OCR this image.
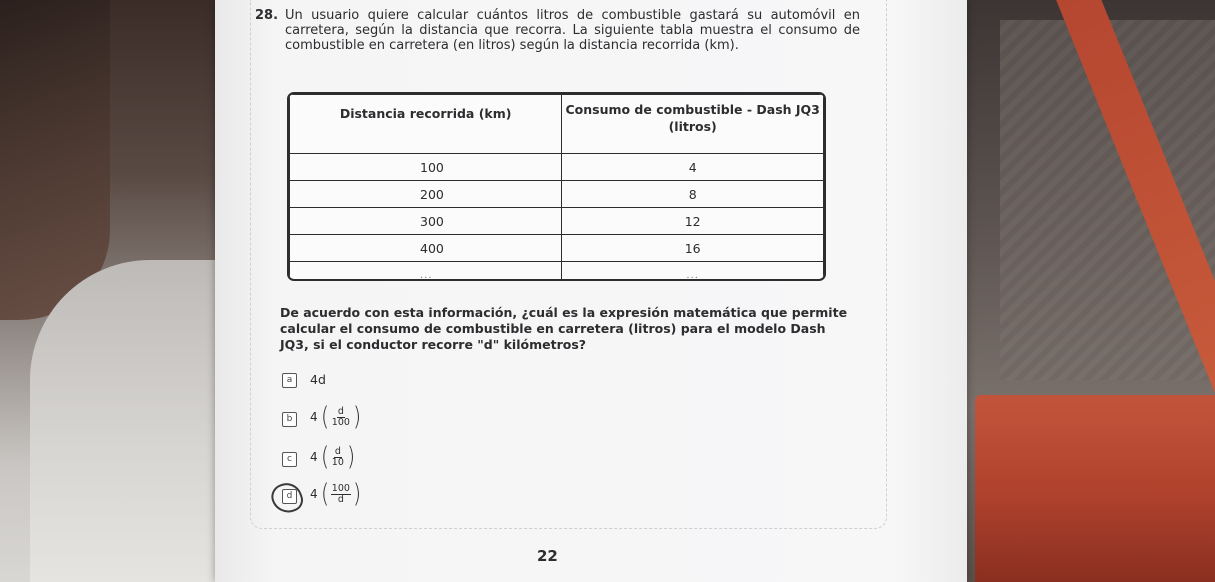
28. Un usuario quiere calcular cuántos litros de combustible gastará su automóvil en carretera, según la distancia que recorra. La siguiente tabla muestra el consumo de combustible en carretera (en litros) según la distancia recorrida (km).
Distancia recorrida (km)	Consumo de combustible - Dash JQ3 (litros)
100	4
200	8
300	12
400	16
...	...
De acuerdo con esta información, ¿cuál es la expresión matemática que permite calcular el consumo de combustible en carretera (litros) para el modelo Dash JQ3, si el conductor recorre "d" kilómetros?
a	4d
b	4 ( $\frac{d}{100}$ )
c	4 ( $\frac{d}{10}$ )
d	4 ( $\frac{100}{d}$ )
22
